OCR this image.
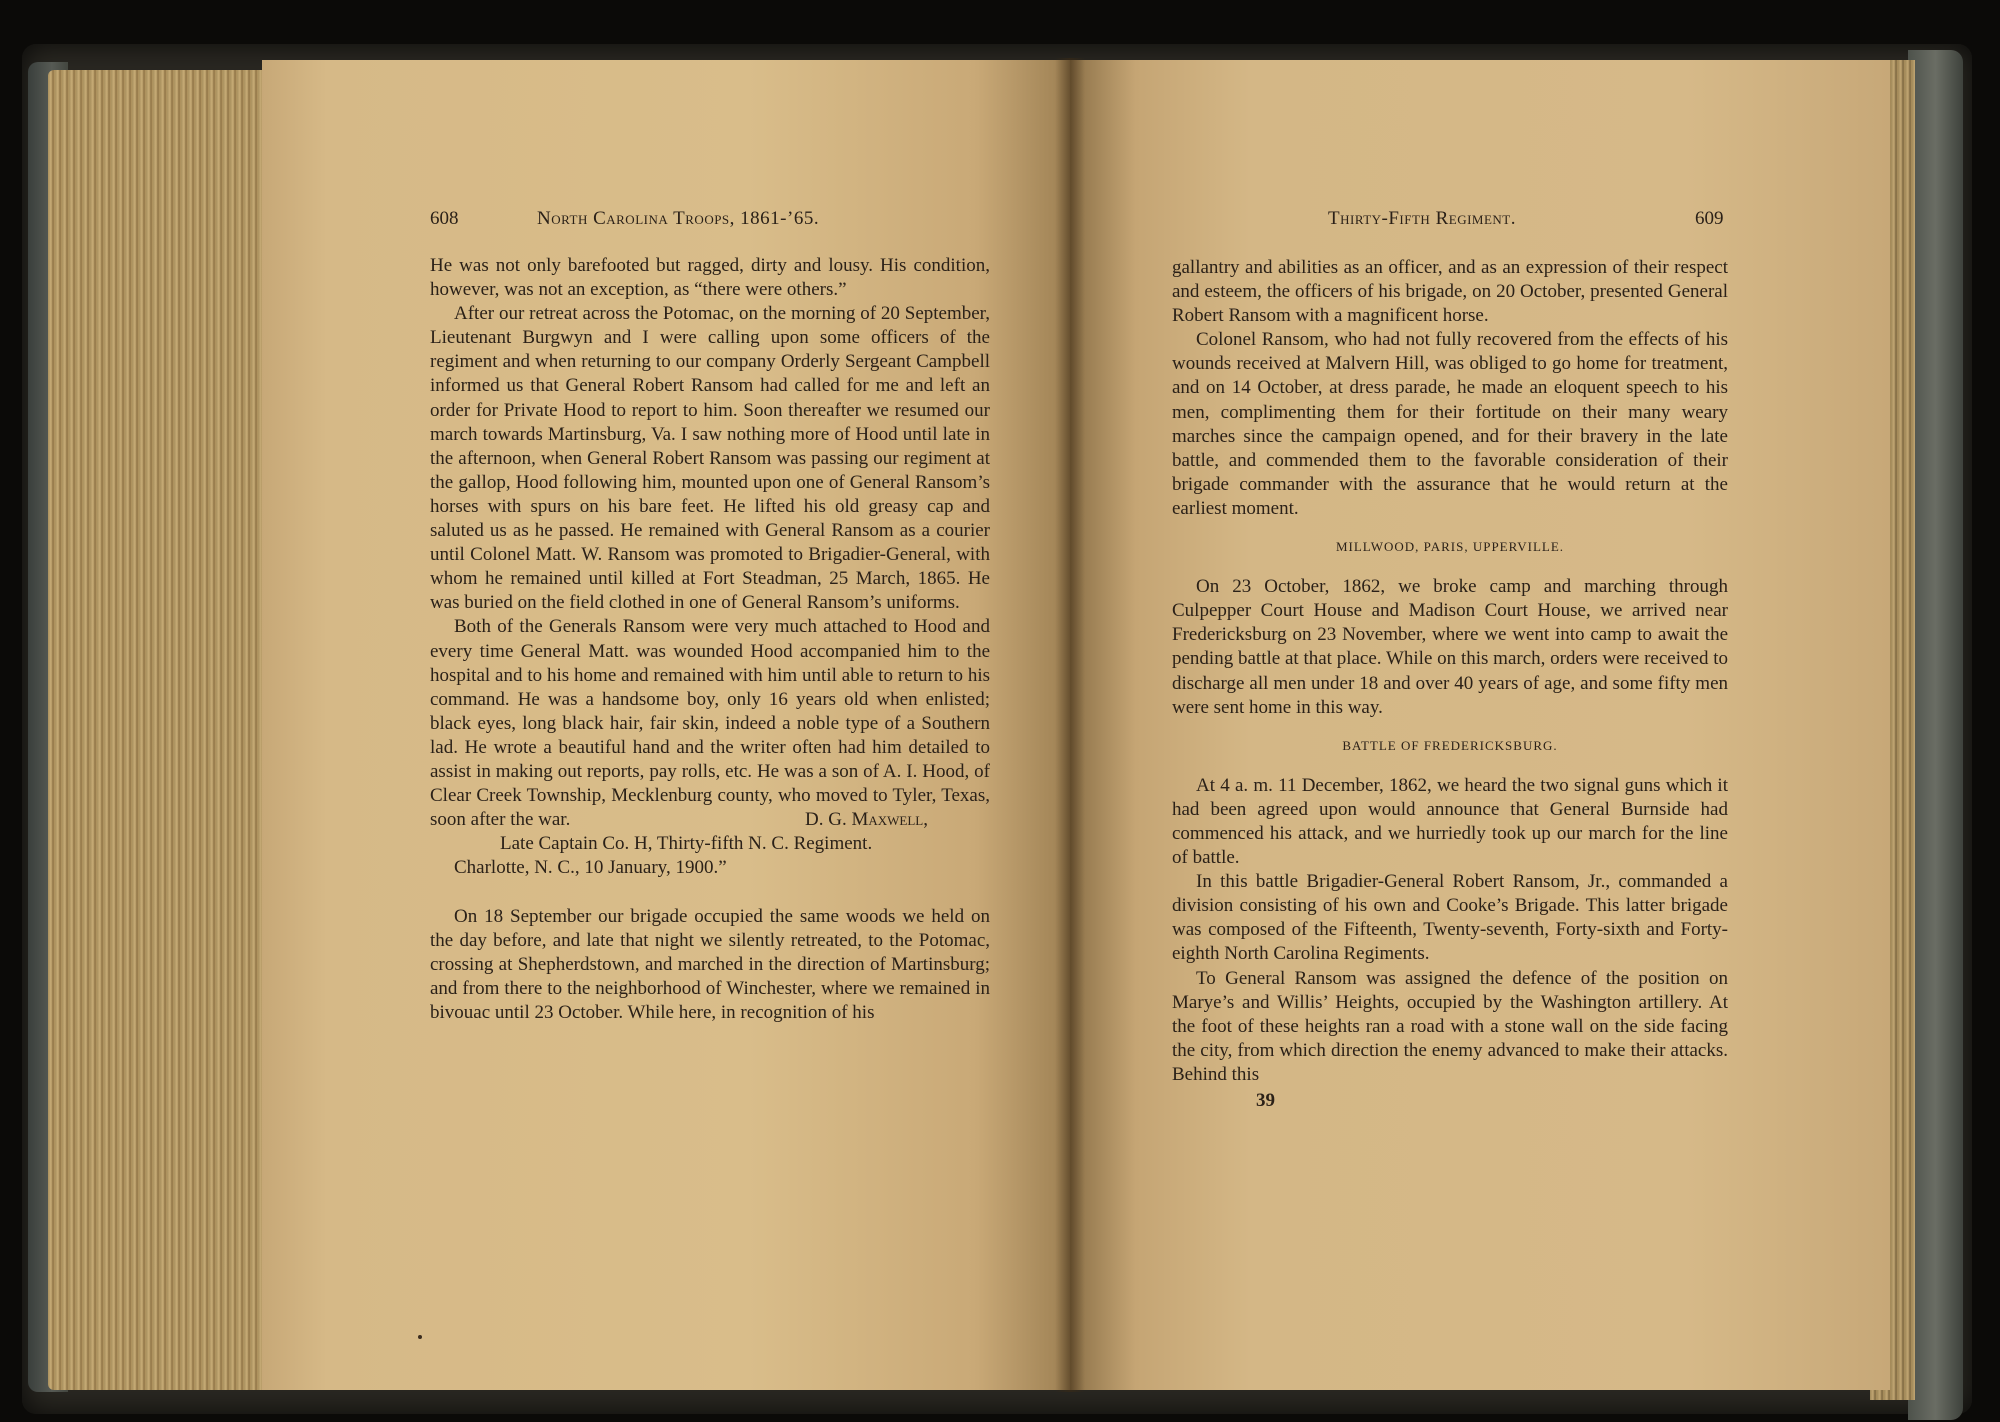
608	North Carolina Troops, 1861-’65.

He was not only barefooted but ragged, dirty and lousy. His condition, however, was not an exception, as “there were others.”

After our retreat across the Potomac, on the morning of 20 September, Lieutenant Burgwyn and I were calling upon some officers of the regiment and when returning to our company Orderly Sergeant Campbell informed us that General Robert Ransom had called for me and left an order for Private Hood to report to him. Soon thereafter we resumed our march towards Martinsburg, Va. I saw nothing more of Hood until late in the afternoon, when General Robert Ransom was passing our regiment at the gallop, Hood following him, mounted upon one of General Ransom’s horses with spurs on his bare feet. He lifted his old greasy cap and saluted us as he passed. He remained with General Ransom as a courier until Colonel Matt. W. Ransom was promoted to Brigadier-General, with whom he remained until killed at Fort Steadman, 25 March, 1865. He was buried on the field clothed in one of General Ransom’s uniforms.

Both of the Generals Ransom were very much attached to Hood and every time General Matt. was wounded Hood accompanied him to the hospital and to his home and remained with him until able to return to his command. He was a handsome boy, only 16 years old when enlisted; black eyes, long black hair, fair skin, indeed a noble type of a Southern lad. He wrote a beautiful hand and the writer often had him detailed to assist in making out reports, pay rolls, etc. He was a son of A. I. Hood, of Clear Creek Township, Mecklenburg county, who moved to Tyler, Texas, soon after the war.	D. G. Maxwell,
Late Captain Co. H, Thirty-fifth N. C. Regiment.
Charlotte, N. C., 10 January, 1900.”

On 18 September our brigade occupied the same woods we held on the day before, and late that night we silently retreated, to the Potomac, crossing at Shepherdstown, and marched in the direction of Martinsburg; and from there to the neighborhood of Winchester, where we remained in bivouac until 23 October. While here, in recognition of his

Thirty-Fifth Regiment.	609

gallantry and abilities as an officer, and as an expression of their respect and esteem, the officers of his brigade, on 20 October, presented General Robert Ransom with a magnificent horse.

Colonel Ransom, who had not fully recovered from the effects of his wounds received at Malvern Hill, was obliged to go home for treatment, and on 14 October, at dress parade, he made an eloquent speech to his men, complimenting them for their fortitude on their many weary marches since the campaign opened, and for their bravery in the late battle, and commended them to the favorable consideration of their brigade commander with the assurance that he would return at the earliest moment.

MILLWOOD, PARIS, UPPERVILLE.

On 23 October, 1862, we broke camp and marching through Culpepper Court House and Madison Court House, we arrived near Fredericksburg on 23 November, where we went into camp to await the pending battle at that place. While on this march, orders were received to discharge all men under 18 and over 40 years of age, and some fifty men were sent home in this way.

BATTLE OF FREDERICKSBURG.

At 4 a. m. 11 December, 1862, we heard the two signal guns which it had been agreed upon would announce that General Burnside had commenced his attack, and we hurriedly took up our march for the line of battle.

In this battle Brigadier-General Robert Ransom, Jr., commanded a division consisting of his own and Cooke’s Brigade. This latter brigade was composed of the Fifteenth, Twenty-seventh, Forty-sixth and Forty-eighth North Carolina Regiments.

To General Ransom was assigned the defence of the position on Marye’s and Willis’ Heights, occupied by the Washington artillery. At the foot of these heights ran a road with a stone wall on the side facing the city, from which direction the enemy advanced to make their attacks. Behind this

39
